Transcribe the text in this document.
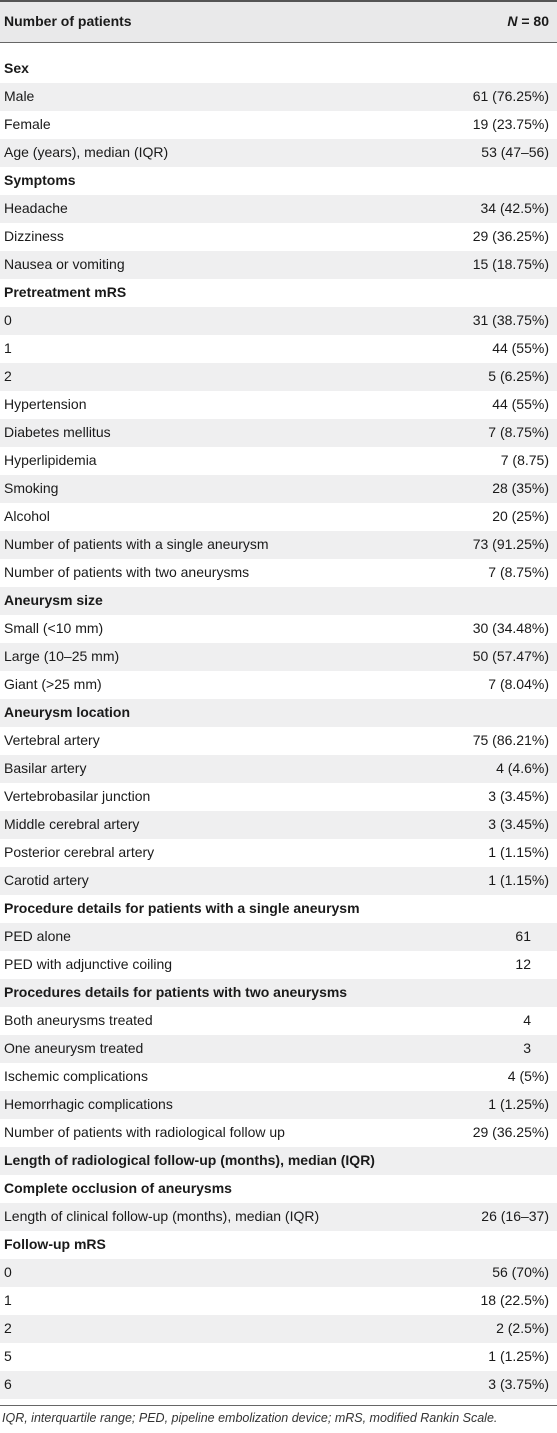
Number of patients	N = 80
Sex
Male	61 (76.25%)
Female	19 (23.75%)
Age (years), median (IQR)	53 (47–56)
Symptoms
Headache	34 (42.5%)
Dizziness	29 (36.25%)
Nausea or vomiting	15 (18.75%)
Pretreatment mRS
0	31 (38.75%)
1	44 (55%)
2	5 (6.25%)
Hypertension	44 (55%)
Diabetes mellitus	7 (8.75%)
Hyperlipidemia	7 (8.75)
Smoking	28 (35%)
Alcohol	20 (25%)
Number of patients with a single aneurysm	73 (91.25%)
Number of patients with two aneurysms	7 (8.75%)
Aneurysm size
Small (<10 mm)	30 (34.48%)
Large (10–25 mm)	50 (57.47%)
Giant (>25 mm)	7 (8.04%)
Aneurysm location
Vertebral artery	75 (86.21%)
Basilar artery	4 (4.6%)
Vertebrobasilar junction	3 (3.45%)
Middle cerebral artery	3 (3.45%)
Posterior cerebral artery	1 (1.15%)
Carotid artery	1 (1.15%)
Procedure details for patients with a single aneurysm
PED alone	61
PED with adjunctive coiling	12
Procedures details for patients with two aneurysms
Both aneurysms treated	4
One aneurysm treated	3
Ischemic complications	4 (5%)
Hemorrhagic complications	1 (1.25%)
Number of patients with radiological follow up	29 (36.25%)
Length of radiological follow-up (months), median (IQR)
Complete occlusion of aneurysms
Length of clinical follow-up (months), median (IQR)	26 (16–37)
Follow-up mRS
0	56 (70%)
1	18 (22.5%)
2	2 (2.5%)
5	1 (1.25%)
6	3 (3.75%)
IQR, interquartile range; PED, pipeline embolization device; mRS, modified Rankin Scale.
